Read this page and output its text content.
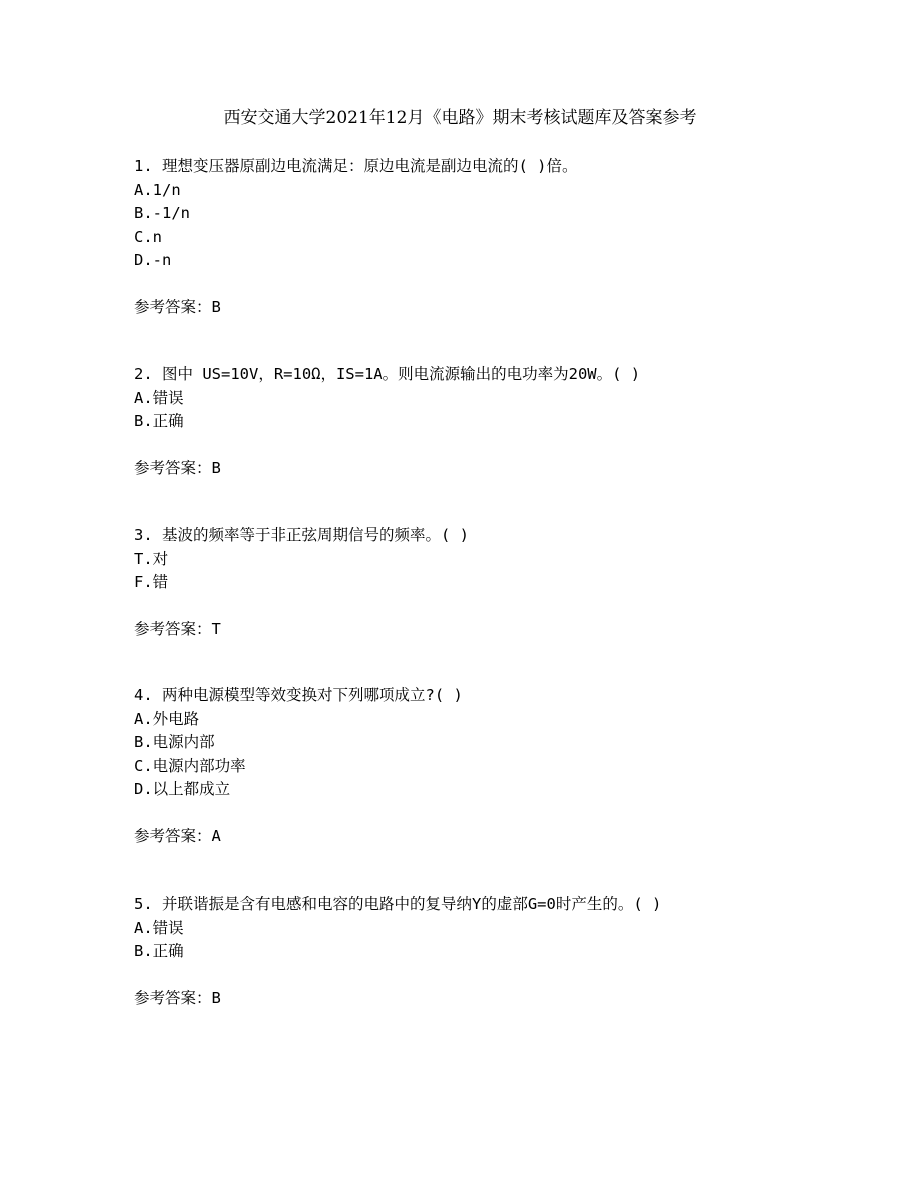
西安交通大学2021年12月《电路》期末考核试题库及答案参考
1. 理想变压器原副边电流满足：原边电流是副边电流的( )倍。
A.1/n
B.-1/n
C.n
D.-n
参考答案：B
2. 图中 US=10V，R=10Ω，IS=1A。则电流源输出的电功率为20W。( )
A.错误
B.正确
参考答案：B
3. 基波的频率等于非正弦周期信号的频率。( )
T.对
F.错
参考答案：T
4. 两种电源模型等效变换对下列哪项成立?( )
A.外电路
B.电源内部
C.电源内部功率
D.以上都成立
参考答案：A
5. 并联谐振是含有电感和电容的电路中的复导纳Y的虚部G=0时产生的。( )
A.错误
B.正确
参考答案：B
